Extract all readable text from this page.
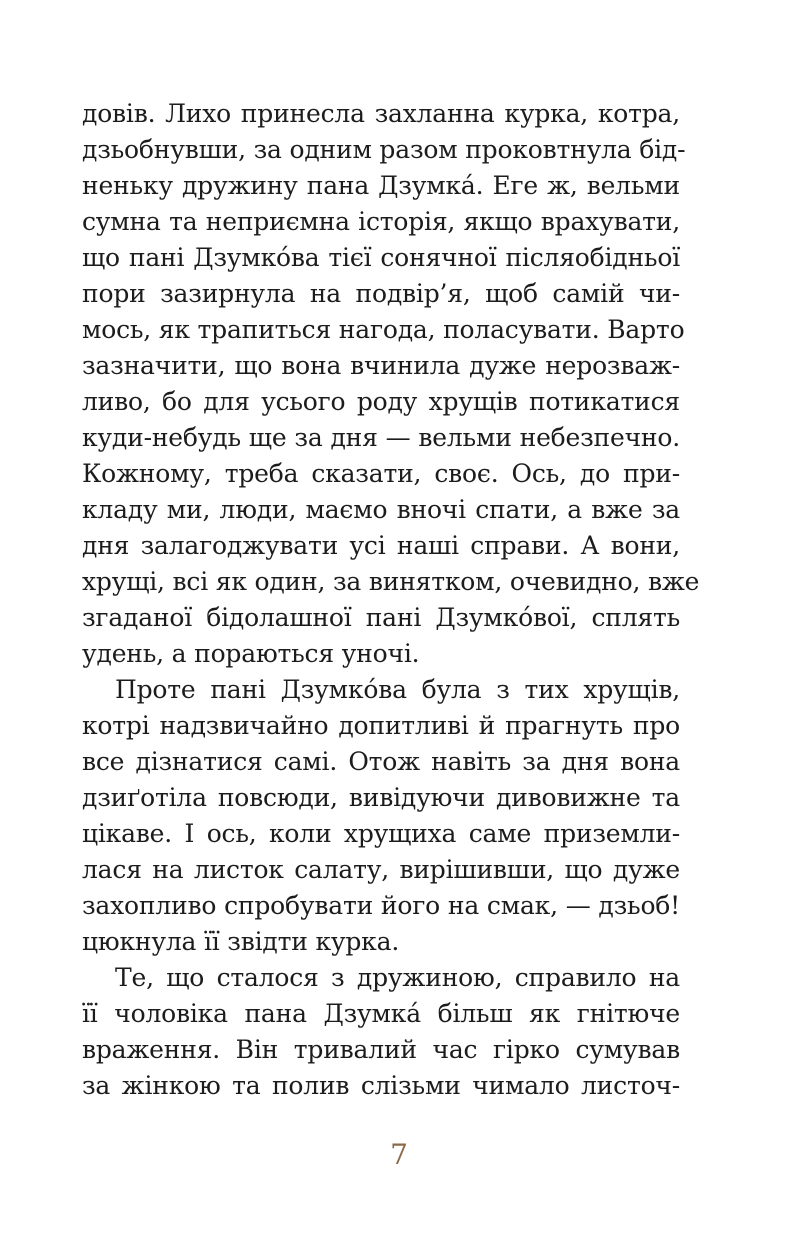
довів. Лихо принесла захланна курка, котра,
дзьобнувши, за одним разом проковтнула бід-
неньку дружину пана Дзумка́. Еге ж, вельми
сумна та неприємна історія, якщо врахувати,
що пані Дзумко́ва тієї сонячної післяобідньої
пори зазирнула на подвір’я, щоб самій чи-
мось, як трапиться нагода, поласувати. Варто
зазначити, що вона вчинила дуже нерозваж-
ливо, бо для усього роду хрущів потикатися
куди-небудь ще за дня — вельми небезпечно.
Кожному, треба сказати, своє. Ось, до при-
кладу ми, люди, маємо вночі спати, а вже за
дня залагоджувати усі наші справи. А вони,
хрущі, всі як один, за винятком, очевидно, вже
згаданої бідолашної пані Дзумко́вої, сплять
удень, а пораються уночі.
Проте пані Дзумко́ва була з тих хрущів,
котрі надзвичайно допитливі й прагнуть про
все дізнатися самі. Отож навіть за дня вона
дзиґотіла повсюди, вивідуючи дивовижне та
цікаве. І ось, коли хрущиха саме приземли-
лася на листок салату, вирішивши, що дуже
захопливо спробувати його на смак, — дзьоб!
цюкнула її звідти курка.
Те, що сталося з дружиною, справило на
її чоловіка пана Дзумка́ більш як гнітюче
враження. Він тривалий час гірко сумував
за жінкою та полив слізьми чимало листоч-
7
